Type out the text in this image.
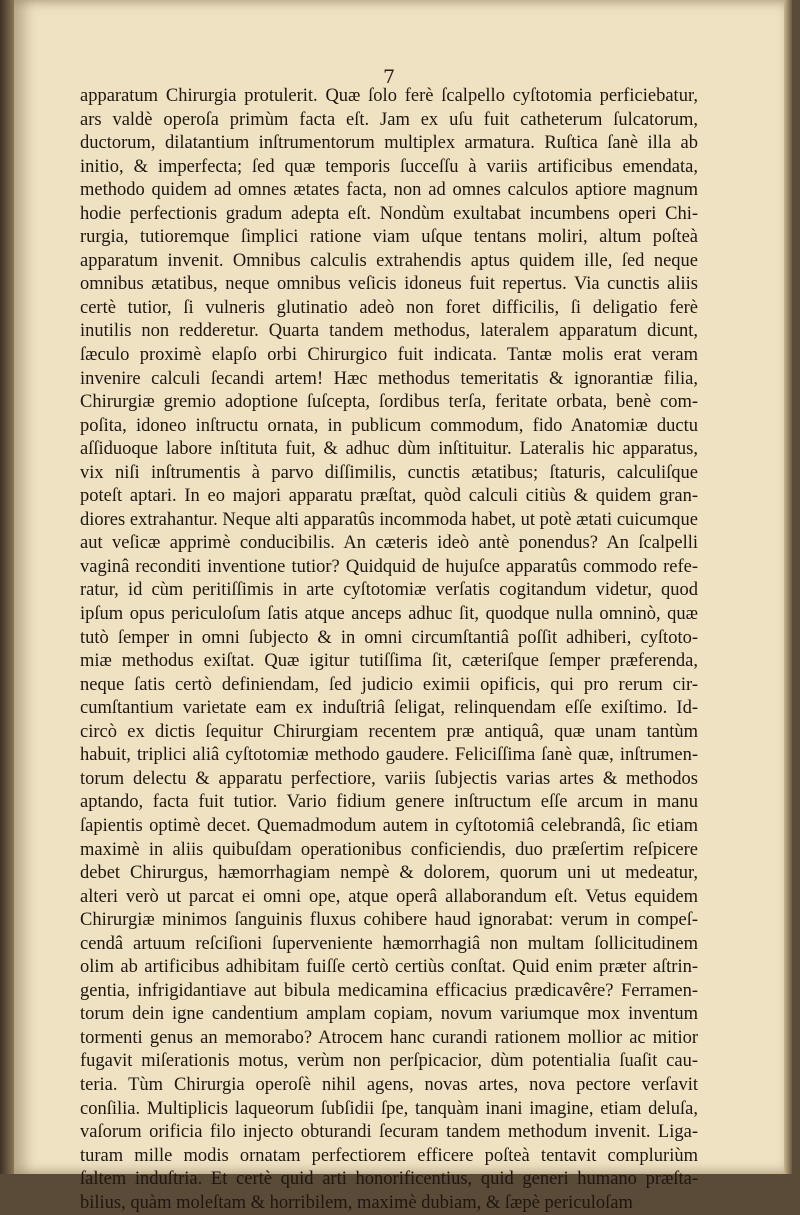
7
apparatum Chirurgia protulerit. Quæ ſolo ferè ſcalpello cyſtotomia perficiebatur,
ars valdè operoſa primùm facta eſt. Jam ex uſu fuit catheterum ſulcatorum,
ductorum, dilatantium inſtrumentorum multiplex armatura. Ruſtica ſanè illa ab
initio, & imperfecta; ſed quæ temporis ſucceſſu à variis artificibus emendata,
methodo quidem ad omnes ætates facta, non ad omnes calculos aptiore magnum
hodie perfectionis gradum adepta eſt. Nondùm exultabat incumbens operi Chi-
rurgia, tutioremque ſimplici ratione viam uſque tentans moliri, altum poſteà
apparatum invenit. Omnibus calculis extrahendis aptus quidem ille, ſed neque
omnibus ætatibus, neque omnibus veſicis idoneus fuit repertus. Via cunctis aliis
certè tutior, ſi vulneris glutinatio adeò non foret difficilis, ſi deligatio ferè
inutilis non redderetur. Quarta tandem methodus, lateralem apparatum dicunt,
ſæculo proximè elapſo orbi Chirurgico fuit indicata. Tantæ molis erat veram
invenire calculi ſecandi artem! Hæc methodus temeritatis & ignorantiæ filia,
Chirurgiæ gremio adoptione ſuſcepta, ſordibus terſa, feritate orbata, benè com-
poſita, idoneo inſtructu ornata, in publicum commodum, fido Anatomiæ ductu
aſſiduoque labore inſtituta fuit, & adhuc dùm inſtituitur. Lateralis hic apparatus,
vix niſi inſtrumentis à parvo diſſimilis, cunctis ætatibus; ſtaturis, calculiſque
poteſt aptari. In eo majori apparatu præſtat, quòd calculi citiùs & quidem gran-
diores extrahantur. Neque alti apparatûs incommoda habet, ut potè ætati cuicumque
aut veſicæ apprimè conducibilis. An cæteris ideò antè ponendus? An ſcalpelli
vaginâ reconditi inventione tutior? Quidquid de hujuſce apparatûs commodo refe-
ratur, id cùm peritiſſimis in arte cyſtotomiæ verſatis cogitandum videtur, quod
ipſum opus periculoſum ſatis atque anceps adhuc ſit, quodque nulla omninò, quæ
tutò ſemper in omni ſubjecto & in omni circumſtantiâ poſſit adhiberi, cyſtoto-
miæ methodus exiſtat. Quæ igitur tutiſſima ſit, cæteriſque ſemper præferenda,
neque ſatis certò definiendam, ſed judicio eximii opificis, qui pro rerum cir-
cumſtantium varietate eam ex induſtriâ ſeligat, relinquendam eſſe exiſtimo. Id-
circò ex dictis ſequitur Chirurgiam recentem præ antiquâ, quæ unam tantùm
habuit, triplici aliâ cyſtotomiæ methodo gaudere. Feliciſſima ſanè quæ, inſtrumen-
torum delectu & apparatu perfectiore, variis ſubjectis varias artes & methodos
aptando, facta fuit tutior. Vario fidium genere inſtructum eſſe arcum in manu
ſapientis optimè decet. Quemadmodum autem in cyſtotomiâ celebrandâ, ſic etiam
maximè in aliis quibuſdam operationibus conficiendis, duo præſertim reſpicere
debet Chirurgus, hæmorrhagiam nempè & dolorem, quorum uni ut medeatur,
alteri verò ut parcat ei omni ope, atque operâ allaborandum eſt. Vetus equidem
Chirurgiæ minimos ſanguinis fluxus cohibere haud ignorabat: verum in compeſ-
cendâ artuum reſciſioni ſuperveniente hæmorrhagiâ non multam ſollicitudinem
olim ab artificibus adhibitam fuiſſe certò certiùs conſtat. Quid enim præter aſtrin-
gentia, infrigidantiave aut bibula medicamina efficacius prædicavêre? Ferramen-
torum dein igne candentium amplam copiam, novum variumque mox inventum
tormenti genus an memorabo? Atrocem hanc curandi rationem mollior ac mitior
fugavit miſerationis motus, verùm non perſpicacior, dùm potentialia ſuaſit cau-
teria. Tùm Chirurgia operoſè nihil agens, novas artes, nova pectore verſavit
conſilia. Multiplicis laqueorum ſubſidii ſpe, tanquàm inani imagine, etiam deluſa,
vaſorum orificia filo injecto obturandi ſecuram tandem methodum invenit. Liga-
turam mille modis ornatam perfectiorem efficere poſteà tentavit compluriùm
ſaltem induſtria. Et certè quid arti honorificentius, quid generi humano præſta-
bilius, quàm moleſtam & horribilem, maximè dubiam, & ſæpè periculoſam
